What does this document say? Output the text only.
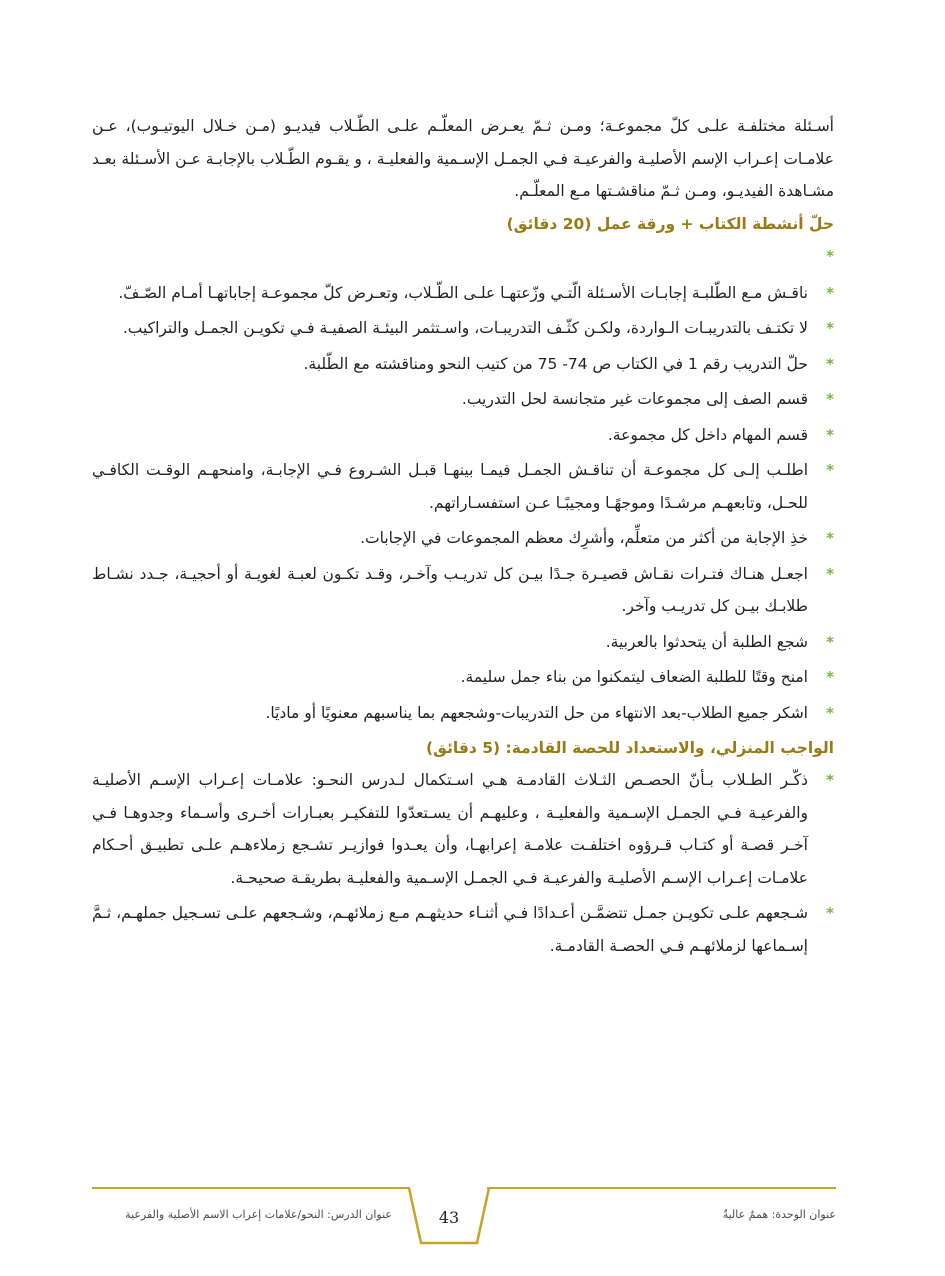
أسـئلة مختلفـة علـى كلّ مجموعـة؛ ومـن ثـمّ يعـرض المعلّـم علـى الطّـلاب فيديـو (مـن خـلال اليوتيـوب)، عـن علامـات إعـراب الإسم الأصليـة والفرعيـة فـي الجمـل الإسـمية والفعليـة ، و يقـوم الطّـلاب بالإجابـة عـن الأسـئلة بعـد مشـاهدة الفيديـو، ومـن ثـمّ مناقشـتها مـع المعلّـم.

حلّ أنشطة الكتاب + ورقة عمل (20 دقائق)
*
*
ناقـش مـع الطّلبـة إجابـات الأسـئلة الّتـي وزّعتهـا علـى الطّـلاب، وتعـرض كلّ مجموعـة إجاباتهـا أمـام الصّـفّ.
*
لا تكتـف بالتدريبـات الـواردة، ولكـن كثّـف التدريبـات، واسـتثمر البيئـة الصفيـة فـي تكويـن الجمـل والتراكيب.
*
حلّ التدريب رقم 1 في الكتاب ص 74- 75 من كتيب النحو ومناقشته مع الطّلبة.
*
قسم الصف إلى مجموعات غير متجانسة لحل التدريب.
*
قسم المهام داخل كل مجموعة.
*
اطلـب إلـى كل مجموعـة أن تناقـش الجمـل فيمـا بينهـا قبـل الشـروع فـي الإجابـة، وامنحهـم الوقـت الكافـي للحـل، وتابعهـم مرشـدًا وموجهًـا ومجيبًـا عـن استفسـاراتهم.
*
خذِ الإجابة من أكثر من متعلِّم، وأشرِك معظم المجموعات في الإجابات.
*
اجعـل هنـاك فتـرات نقـاش قصيـرة جـدًا بيـن كل تدريـب وآخـر، وقـد تكـون لعبـة لغويـة أو أحجيـة، جـدد نشـاط طلابـك بيـن كل تدريـب وآخر.
*
شجع الطلبة أن يتحدثوا بالعربية.
*
امنح وقتًا للطلبة الضعاف ليتمكنوا من بناء جمل سليمة.
*
اشكر جميع الطلاب-بعد الانتهاء من حل التدريبات-وشجعهم بما يناسبهم معنويًا أو ماديًا.
الواجب المنزلي، والاستعداد للحصة القادمة: (5 دقائق)
*
ذكّـر الطـلاب بـأنّ الحصـص الثـلاث القادمـة هـي اسـتكمال لـدرس النحـو: علامـات إعـراب الإسـم الأصليـة والفرعيـة فـي الجمـل الإسـمية والفعليـة ، وعليهـم أن يسـتعدّوا للتفكيـر بعبـارات أخـرى وأسـماء وجدوهـا فـي آخـر قصـة أو كتـاب قـرؤوه اختلفـت علامـة إعرابهـا، وأن يعـدوا فوازيـر تشـجع زملاءهـم علـى تطبيـق أحـكام علامـات إعـراب الإسـم الأصليـة والفرعيـة فـي الجمـل الإسـمية والفعليـة بطريقـة صحيحـة.
*
شـجعهم علـى تكويـن جمـل تتضمَّـن أعـدادًا فـي أثنـاء حديثهـم مـع زملائهـم، وشـجعهم علـى تسـجيل جملهـم، ثـمَّ إسـماعها لزملائهـم فـي الحصـة القادمـة.
43
عنوان الدرس: النحو/علامات إعراب الاسم الأصلية والفرعية	عنوان الوحدة: هممٌ عاليةٌ
